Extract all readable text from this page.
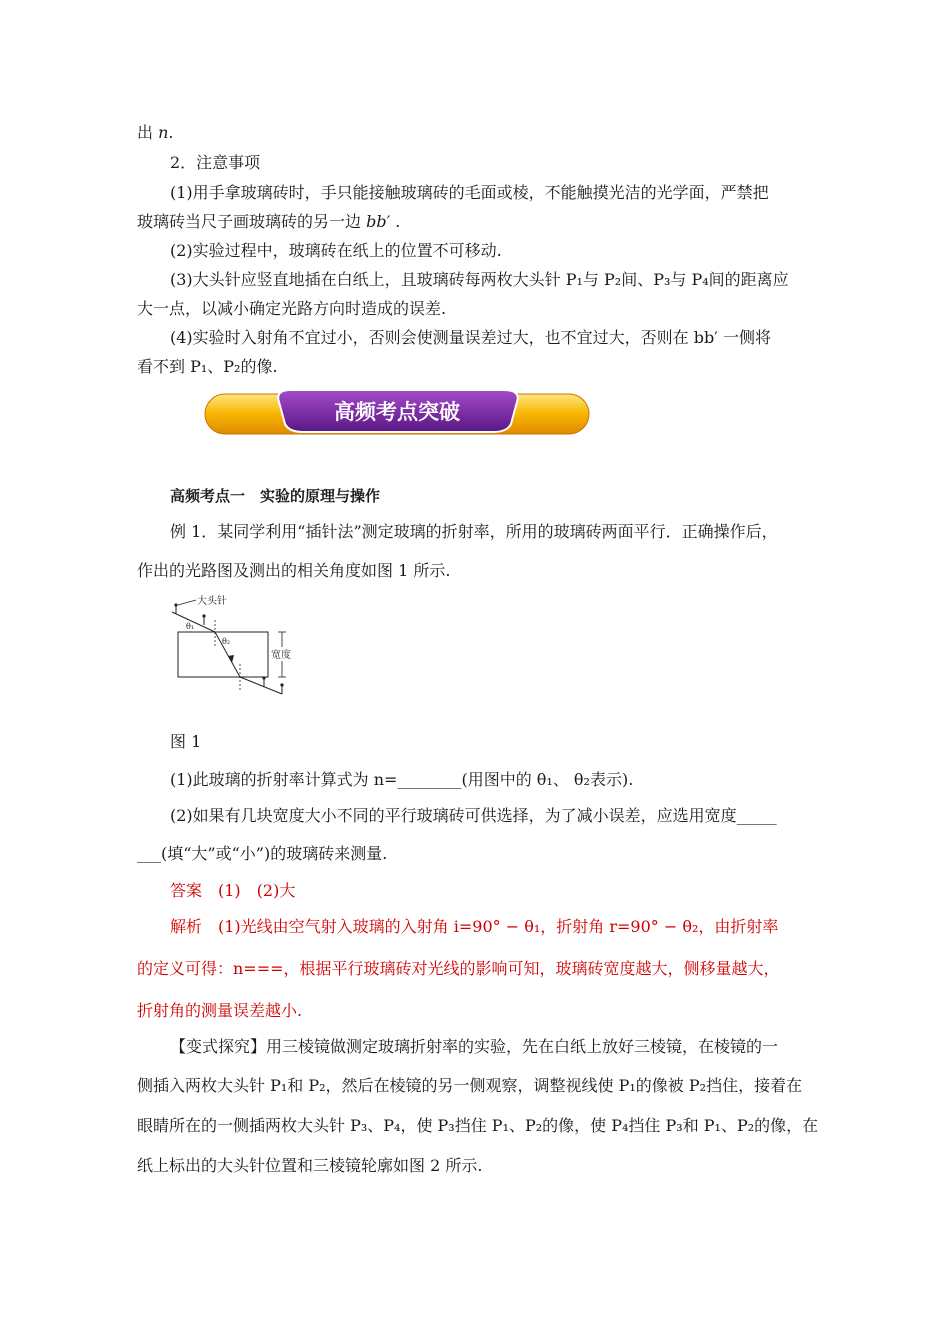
出 n.
2．注意事项
(1)用手拿玻璃砖时，手只能接触玻璃砖的毛面或棱，不能触摸光洁的光学面，严禁把
玻璃砖当尺子画玻璃砖的另一边 bb′ .
(2)实验过程中，玻璃砖在纸上的位置不可移动.
(3)大头针应竖直地插在白纸上，且玻璃砖每两枚大头针 P₁与 P₂间、P₃与 P₄间的距离应
大一点，以减小确定光路方向时造成的误差.
(4)实验时入射角不宜过小，否则会使测量误差过大，也不宜过大，否则在 bb′ 一侧将
看不到 P₁、P₂的像.
高频考点突破
高频考点一　实验的原理与操作
例 1．某同学利用“插针法”测定玻璃的折射率，所用的玻璃砖两面平行．正确操作后，
作出的光路图及测出的相关角度如图 1 所示.
大头针
θ₁
θ₂
宽度
图 1
(1)此玻璃的折射率计算式为 n=________(用图中的 θ₁、 θ₂表示).
(2)如果有几块宽度大小不同的平行玻璃砖可供选择，为了减小误差，应选用宽度_____
___(填“大”或“小”)的玻璃砖来测量.
答案　(1)　(2)大
解析　(1)光线由空气射入玻璃的入射角 i=90° − θ₁，折射角 r=90° − θ₂，由折射率
的定义可得：n===，根据平行玻璃砖对光线的影响可知，玻璃砖宽度越大，侧移量越大，
折射角的测量误差越小.
【变式探究】用三棱镜做测定玻璃折射率的实验，先在白纸上放好三棱镜，在棱镜的一
侧插入两枚大头针 P₁和 P₂，然后在棱镜的另一侧观察，调整视线使 P₁的像被 P₂挡住，接着在
眼睛所在的一侧插两枚大头针 P₃、P₄，使 P₃挡住 P₁、P₂的像，使 P₄挡住 P₃和 P₁、P₂的像，在
纸上标出的大头针位置和三棱镜轮廓如图 2 所示.
